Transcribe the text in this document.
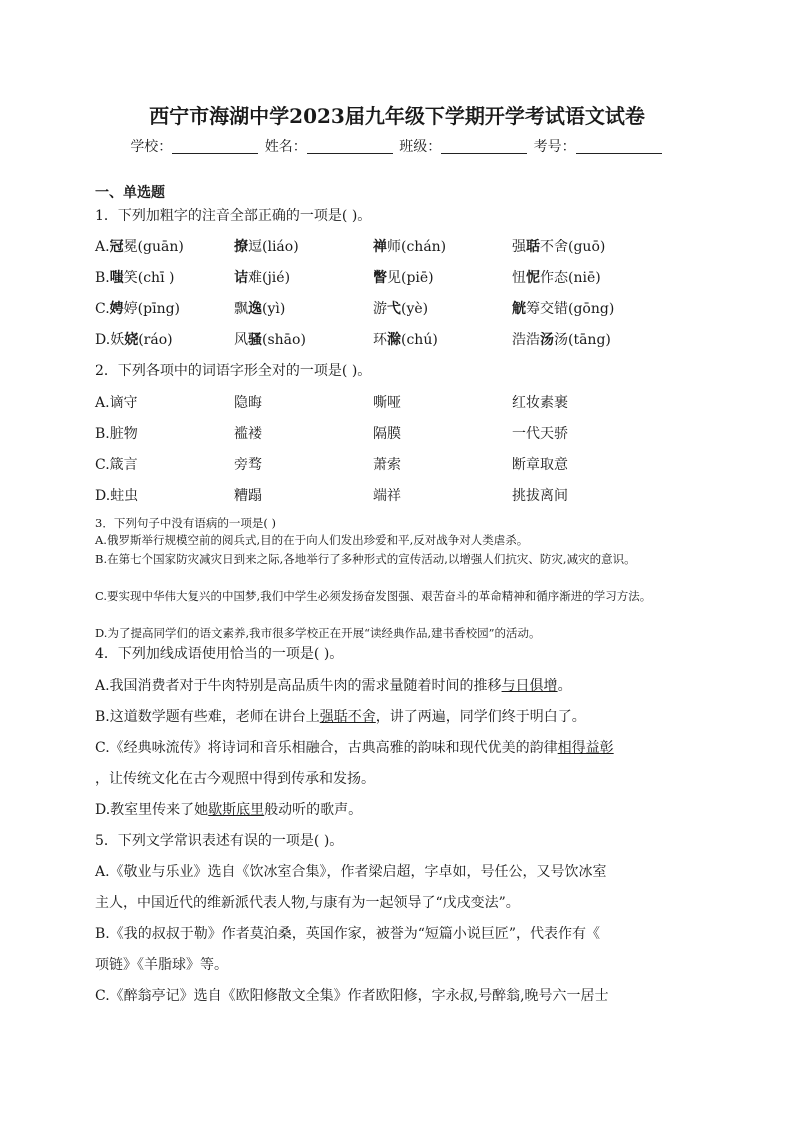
西宁市海湖中学2023届九年级下学期开学考试语文试卷
学校：	姓名：	班级：	考号：
一、单选题
1．下列加粗字的注音全部正确的一项是( )。
A.冠冕(guān)	撩逗(liáo)	禅师(chán)	强聒不舍(guō)
B.嗤笑(chī )	诘难(jié)	瞥见(piē)	忸怩作态(niē)
C.娉婷(pīng)	飘逸(yì)	游弋(yè)	觥筹交错(gōng)
D.妖娆(ráo)	风骚(shāo)	环滁(chú)	浩浩汤汤(tāng)
2．下列各项中的词语字形全对的一项是( )。
A.谪守	隐晦	嘶哑	红妆素裹
B.脏物	褴褛	隔膜	一代天骄
C.箴言	旁骛	萧索	断章取意
D.蛀虫	糟蹋	端祥	挑拔离间
3．下列句子中没有语病的一项是( )
A.俄罗斯举行规模空前的阅兵式,目的在于向人们发出珍爱和平,反对战争对人类虐杀。
B.在第七个国家防灾减灾日到来之际,各地举行了多种形式的宣传活动,以增强人们抗灾、防灾,减灾的意识。
C.要实现中华伟大复兴的中国梦,我们中学生必须发扬奋发图强、艰苦奋斗的革命精神和循序渐进的学习方法。
D.为了提高同学们的语文素养,我市很多学校正在开展“读经典作品,建书香校园”的活动。
4．下列加线成语使用恰当的一项是( )。
A.我国消费者对于牛肉特别是高品质牛肉的需求量随着时间的推移与日俱增。
B.这道数学题有些难，老师在讲台上强聒不舍，讲了两遍，同学们终于明白了。
C.《经典咏流传》将诗词和音乐相融合，古典高雅的韵味和现代优美的韵律相得益彰
，让传统文化在古今观照中得到传承和发扬。
D.教室里传来了她歇斯底里般动听的歌声。
5．下列文学常识表述有误的一项是( )。
A.《敬业与乐业》选自《饮冰室合集》，作者梁启超，字卓如，号任公，又号饮冰室
主人，中国近代的维新派代表人物,与康有为一起领导了“戊戌变法”。
B.《我的叔叔于勒》作者莫泊桑，英国作家，被誉为“短篇小说巨匠”，代表作有《
项链》《羊脂球》等。
C.《醉翁亭记》选自《欧阳修散文全集》作者欧阳修，字永叔,号醉翁,晚号六一居士
